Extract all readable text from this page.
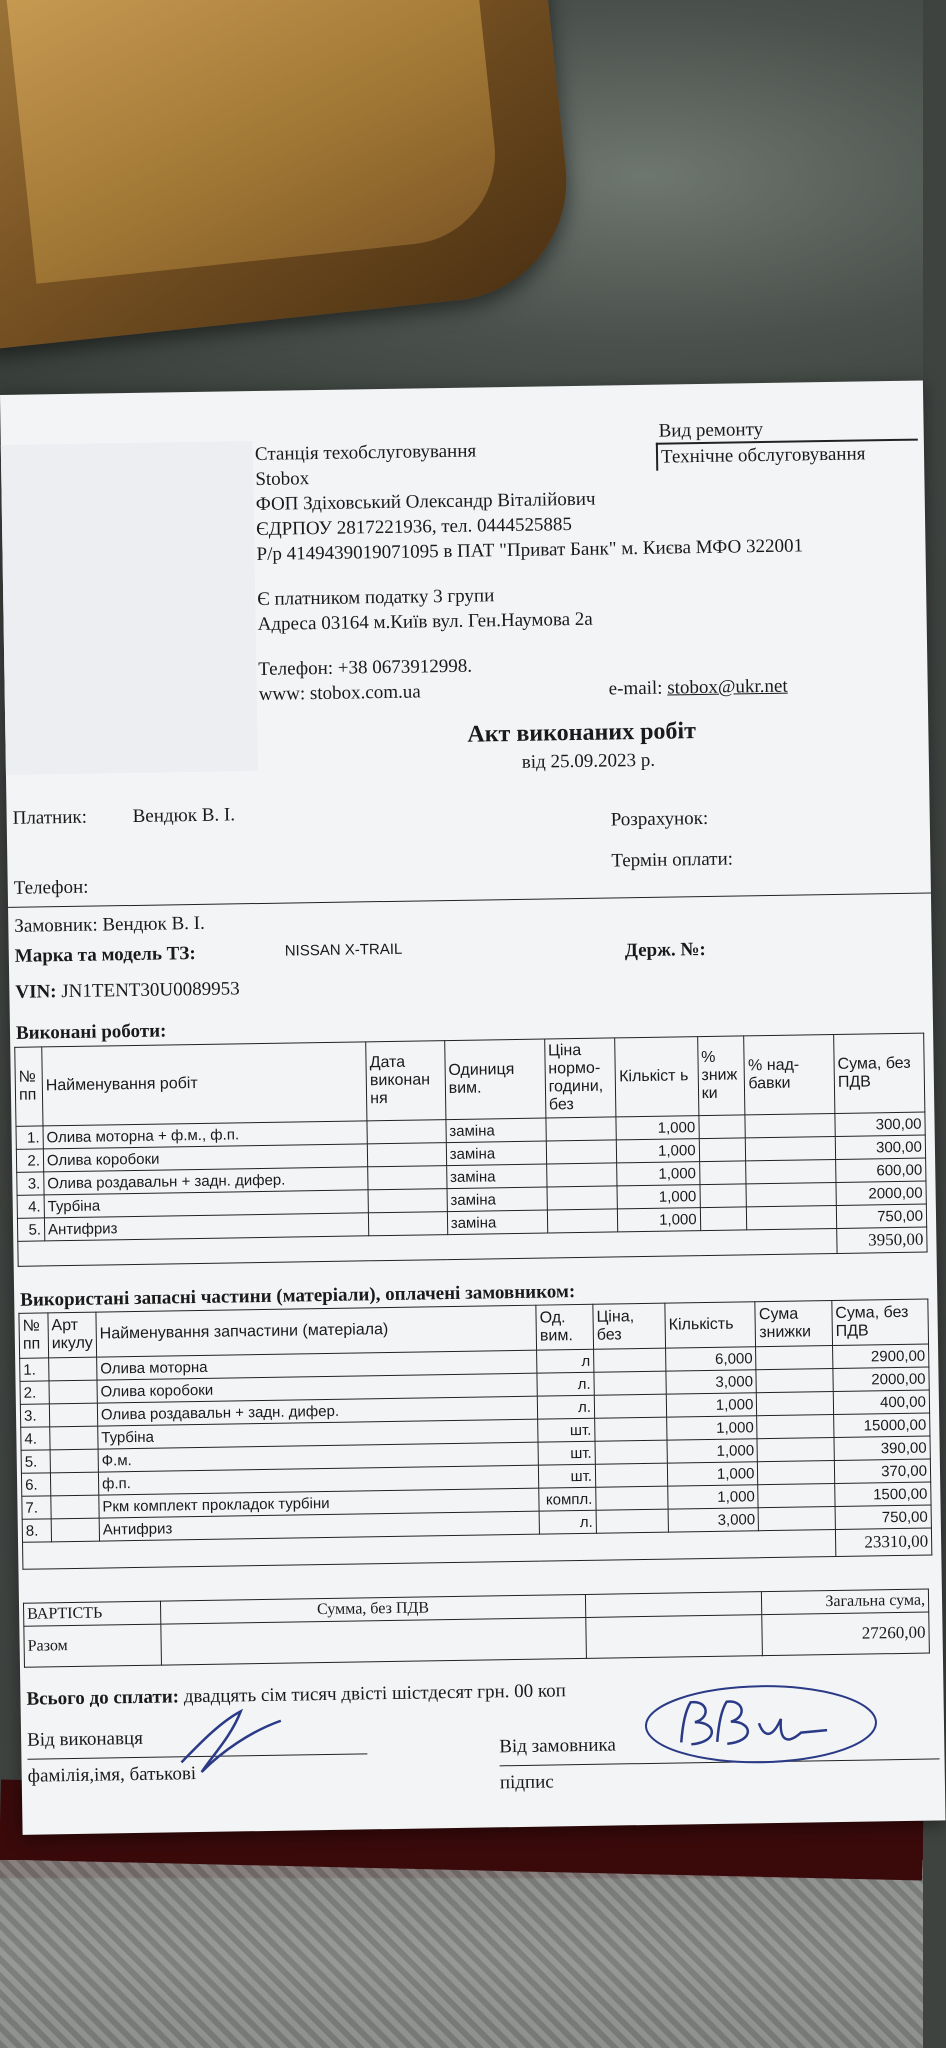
Станція техобслуговування
Stobox
ФОП Здіховський Олександр Віталійович
ЄДРПОУ 2817221936, тел. 0444525885
Р/р 4149439019071095 в ПАТ "Приват Банк" м. Києва МФО 322001
Є платником податку 3 групи
Адреса 03164 м.Київ вул. Ген.Наумова 2а
Телефон: +38 0673912998.
www: stobox.com.ua	e-mail: stobox@ukr.net
Вид ремонту
Технічне обслуговування
Акт виконаних робіт
від 25.09.2023 р.
Платник: Вендюк В. І.	Розрахунок:
Термін оплати:
Телефон:
Замовник: Вендюк В. І.
Марка та модель ТЗ:	NISSAN X-TRAIL	Держ. №:
VIN: JN1TENT30U0089953
Виконані роботи:
№ пп	Найменування робіт	Дата виконан ня	Одиниця вим.	Ціна нормо-години, без	Кількіст ь	% зниж ки	% над-бавки	Сума, без ПДВ
1.	Олива моторна + ф.м., ф.п.		заміна		1,000			300,00
2.	Олива коробоки		заміна		1,000			300,00
3.	Олива роздавальн + задн. дифер.		заміна		1,000			600,00
4.	Турбіна		заміна		1,000			2000,00
5.	Антифриз		заміна		1,000			750,00
								3950,00
Використані запасні частини (матеріали), оплачені замовником:
№ пп	Арт икулу	Найменування запчастини (матеріала)	Од. вим.	Ціна, без	Кількість	Сума знижки	Сума, без ПДВ
1.		Олива моторна	л		6,000		2900,00
2.		Олива коробоки	л.		3,000		2000,00
3.		Олива роздавальн + задн. дифер.	л.		1,000		400,00
4.		Турбіна	шт.		1,000		15000,00
5.		Ф.м.	шт.		1,000		390,00
6.		ф.п.	шт.		1,000		370,00
7.		Ркм комплект прокладок турбіни	компл.		1,000		1500,00
8.		Антифриз	л.		3,000		750,00
							23310,00
ВАРТІСТЬ	Сумма, без ПДВ		Загальна сума,
Разом			27260,00
Всього до сплати: двадцять сім тисяч двісті шістдесят грн. 00 коп
Від виконавця
фамілія,імя, батькові
Від замовника
підпис
